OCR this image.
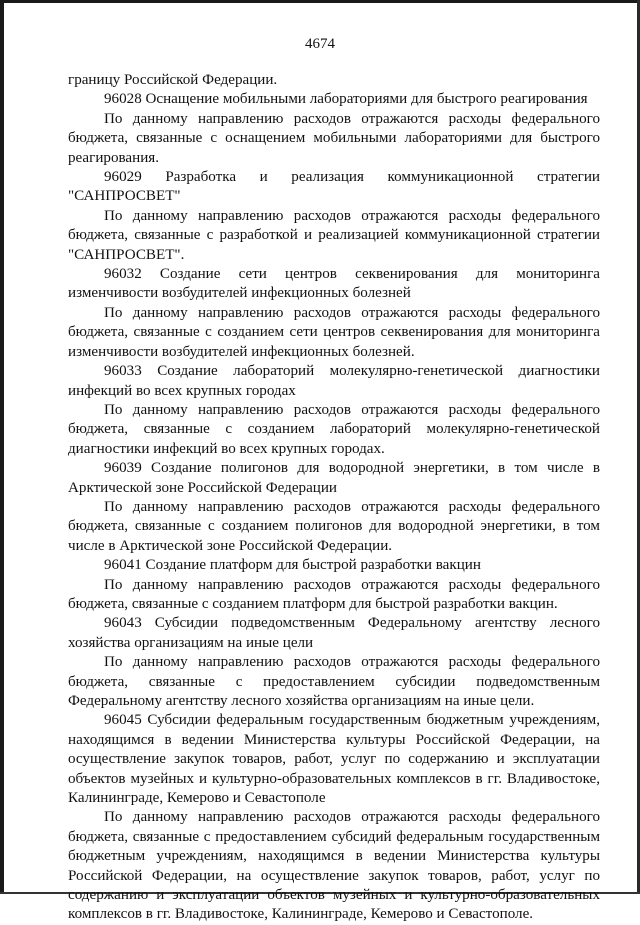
4674

границу Российской Федерации.

96028 Оснащение мобильными лабораториями для быстрого реагирования

По данному направлению расходов отражаются расходы федерального бюджета, связанные с оснащением мобильными лабораториями для быстрого реагирования.

96029 Разработка и реализация коммуникационной стратегии "САНПРОСВЕТ"

По данному направлению расходов отражаются расходы федерального бюджета, связанные с разработкой и реализацией коммуникационной стратегии "САНПРОСВЕТ".

96032 Создание сети центров секвенирования для мониторинга изменчивости возбудителей инфекционных болезней

По данному направлению расходов отражаются расходы федерального бюджета, связанные с созданием сети центров секвенирования для мониторинга изменчивости возбудителей инфекционных болезней.

96033 Создание лабораторий молекулярно-генетической диагностики инфекций во всех крупных городах

По данному направлению расходов отражаются расходы федерального бюджета, связанные с созданием лабораторий молекулярно-генетической диагностики инфекций во всех крупных городах.

96039 Создание полигонов для водородной энергетики, в том числе в Арктической зоне Российской Федерации

По данному направлению расходов отражаются расходы федерального бюджета, связанные с созданием полигонов для водородной энергетики, в том числе в Арктической зоне Российской Федерации.

96041 Создание платформ для быстрой разработки вакцин

По данному направлению расходов отражаются расходы федерального бюджета, связанные с созданием платформ для быстрой разработки вакцин.

96043 Субсидии подведомственным Федеральному агентству лесного хозяйства организациям на иные цели

По данному направлению расходов отражаются расходы федерального бюджета, связанные с предоставлением субсидии подведомственным Федеральному агентству лесного хозяйства организациям на иные цели.

96045 Субсидии федеральным государственным бюджетным учреждениям, находящимся в ведении Министерства культуры Российской Федерации, на осуществление закупок товаров, работ, услуг по содержанию и эксплуатации объектов музейных и культурно-образовательных комплексов в гг. Владивостоке, Калининграде, Кемерово и Севастополе

По данному направлению расходов отражаются расходы федерального бюджета, связанные с предоставлением субсидий федеральным государственным бюджетным учреждениям, находящимся в ведении Министерства культуры Российской Федерации, на осуществление закупок товаров, работ, услуг по содержанию и эксплуатации объектов музейных и культурно-образовательных комплексов в гг. Владивостоке, Калининграде, Кемерово и Севастополе.
